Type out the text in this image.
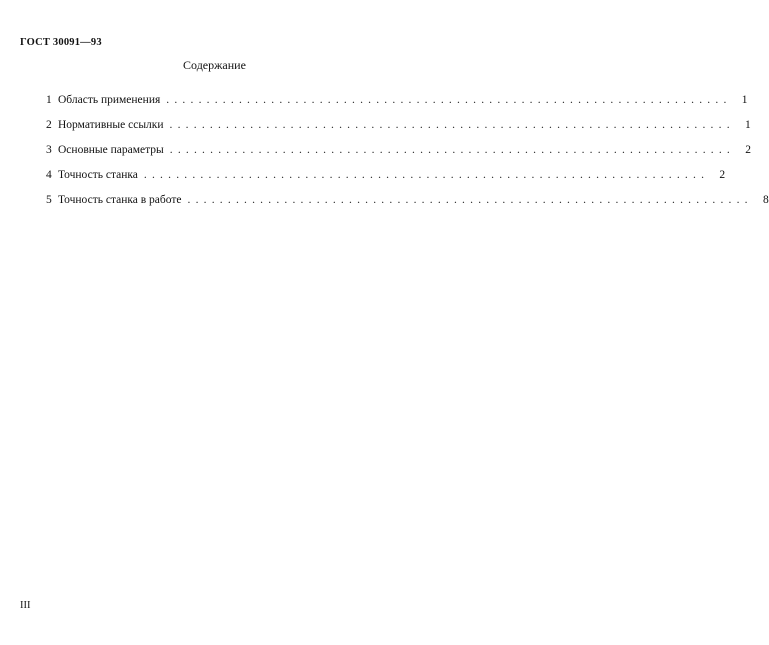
ГОСТ 30091—93
Содержание
1 Область применения ...................................................................... 1
2 Нормативные ссылки ...................................................................... 1
3 Основные параметры ...................................................................... 2
4 Точность станка ...................................................................... 2
5 Точность станка в работе ...................................................................... 8
III
